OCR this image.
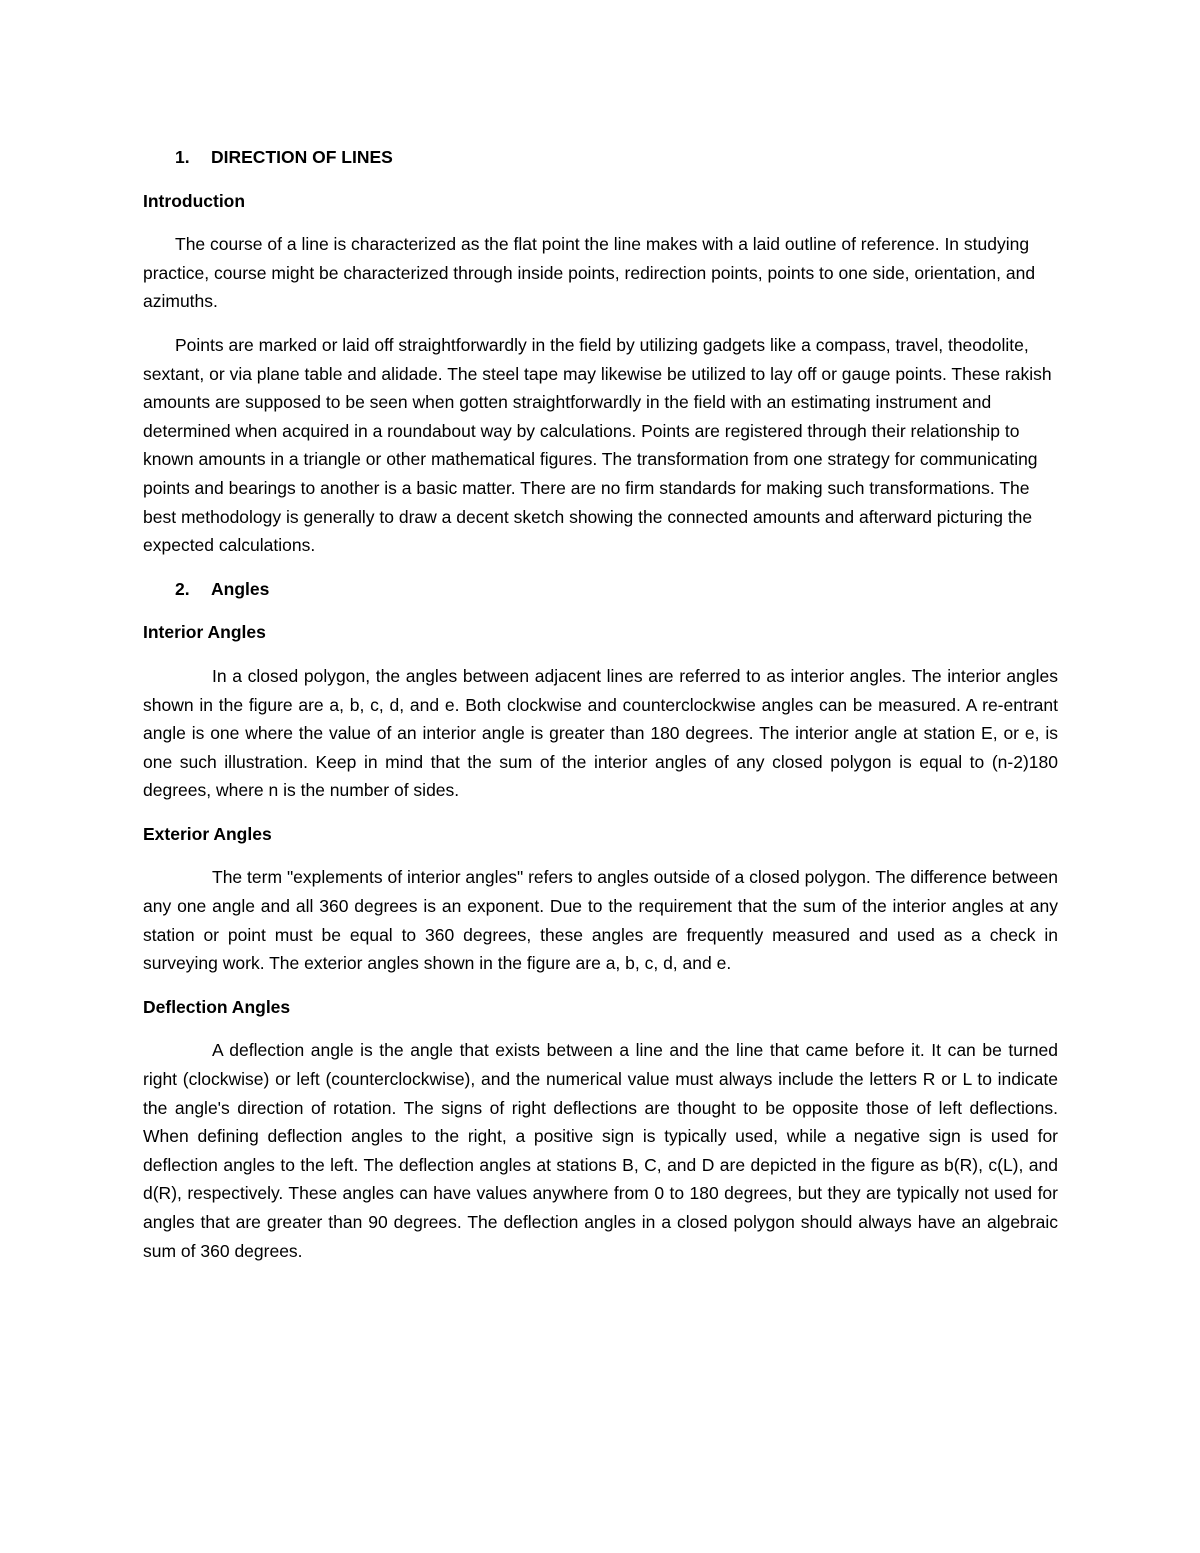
1. DIRECTION OF LINES
Introduction

The course of a line is characterized as the flat point the line makes with a laid outline of reference. In studying practice, course might be characterized through inside points, redirection points, points to one side, orientation, and azimuths.

Points are marked or laid off straightforwardly in the field by utilizing gadgets like a compass, travel, theodolite, sextant, or via plane table and alidade. The steel tape may likewise be utilized to lay off or gauge points. These rakish amounts are supposed to be seen when gotten straightforwardly in the field with an estimating instrument and determined when acquired in a roundabout way by calculations. Points are registered through their relationship to known amounts in a triangle or other mathematical figures. The transformation from one strategy for communicating points and bearings to another is a basic matter. There are no firm standards for making such transformations. The best methodology is generally to draw a decent sketch showing the connected amounts and afterward picturing the expected calculations.

2. Angles
Interior Angles

In a closed polygon, the angles between adjacent lines are referred to as interior angles. The interior angles shown in the figure are a, b, c, d, and e. Both clockwise and counterclockwise angles can be measured. A re-entrant angle is one where the value of an interior angle is greater than 180 degrees. The interior angle at station E, or e, is one such illustration. Keep in mind that the sum of the interior angles of any closed polygon is equal to (n-2)180 degrees, where n is the number of sides.

Exterior Angles

The term "explements of interior angles" refers to angles outside of a closed polygon. The difference between any one angle and all 360 degrees is an exponent. Due to the requirement that the sum of the interior angles at any station or point must be equal to 360 degrees, these angles are frequently measured and used as a check in surveying work. The exterior angles shown in the figure are a, b, c, d, and e.

Deflection Angles

A deflection angle is the angle that exists between a line and the line that came before it. It can be turned right (clockwise) or left (counterclockwise), and the numerical value must always include the letters R or L to indicate the angle's direction of rotation. The signs of right deflections are thought to be opposite those of left deflections. When defining deflection angles to the right, a positive sign is typically used, while a negative sign is used for deflection angles to the left. The deflection angles at stations B, C, and D are depicted in the figure as b(R), c(L), and d(R), respectively. These angles can have values anywhere from 0 to 180 degrees, but they are typically not used for angles that are greater than 90 degrees. The deflection angles in a closed polygon should always have an algebraic sum of 360 degrees.
